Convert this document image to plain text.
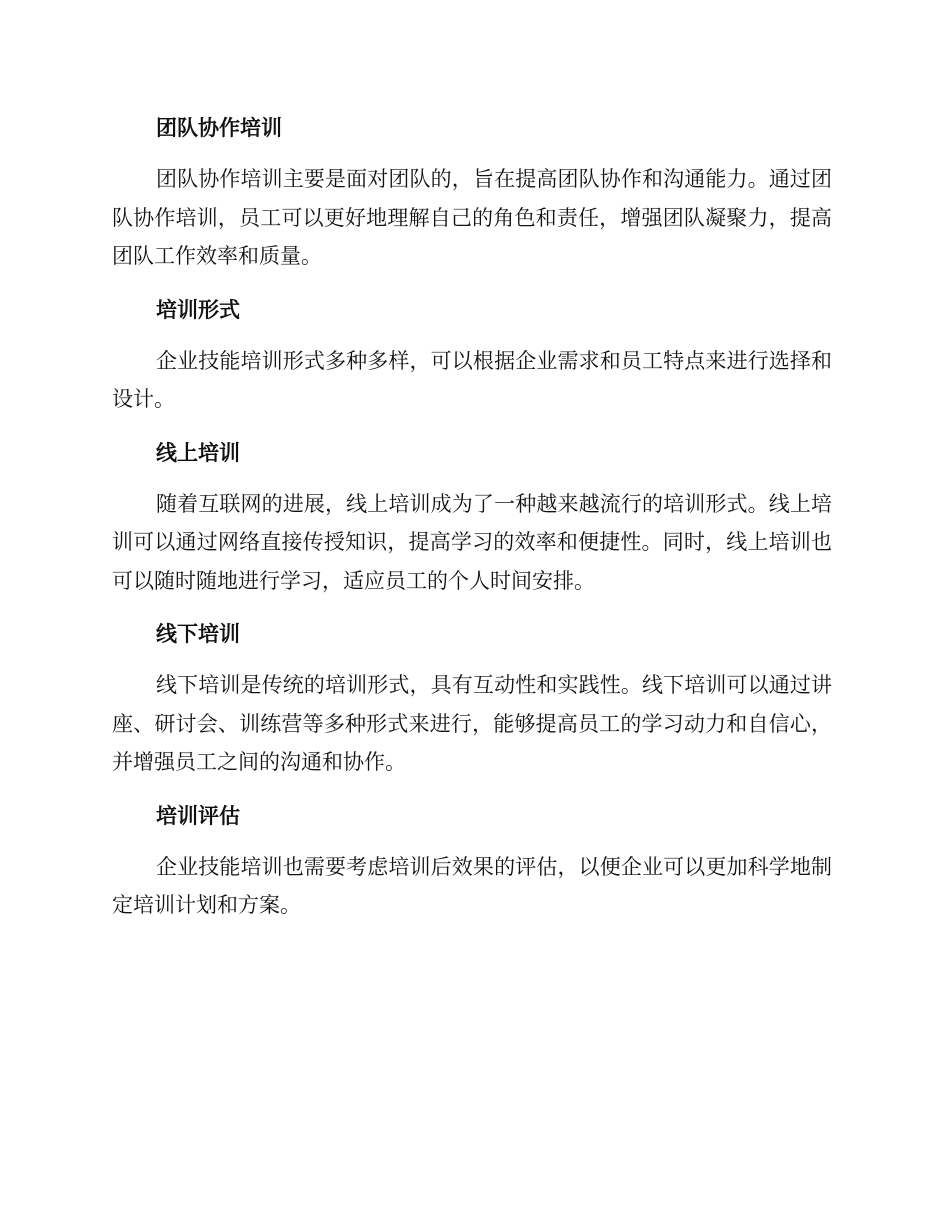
团队协作培训

团队协作培训主要是面对团队的，旨在提高团队协作和沟通能力。通过团队协作培训，员工可以更好地理解自己的角色和责任，增强团队凝聚力，提高团队工作效率和质量。

培训形式

企业技能培训形式多种多样，可以根据企业需求和员工特点来进行选择和设计。

线上培训

随着互联网的进展，线上培训成为了一种越来越流行的培训形式。线上培训可以通过网络直接传授知识，提高学习的效率和便捷性。同时，线上培训也可以随时随地进行学习，适应员工的个人时间安排。

线下培训

线下培训是传统的培训形式，具有互动性和实践性。线下培训可以通过讲座、研讨会、训练营等多种形式来进行，能够提高员工的学习动力和自信心，并增强员工之间的沟通和协作。

培训评估

企业技能培训也需要考虑培训后效果的评估，以便企业可以更加科学地制定培训计划和方案。
